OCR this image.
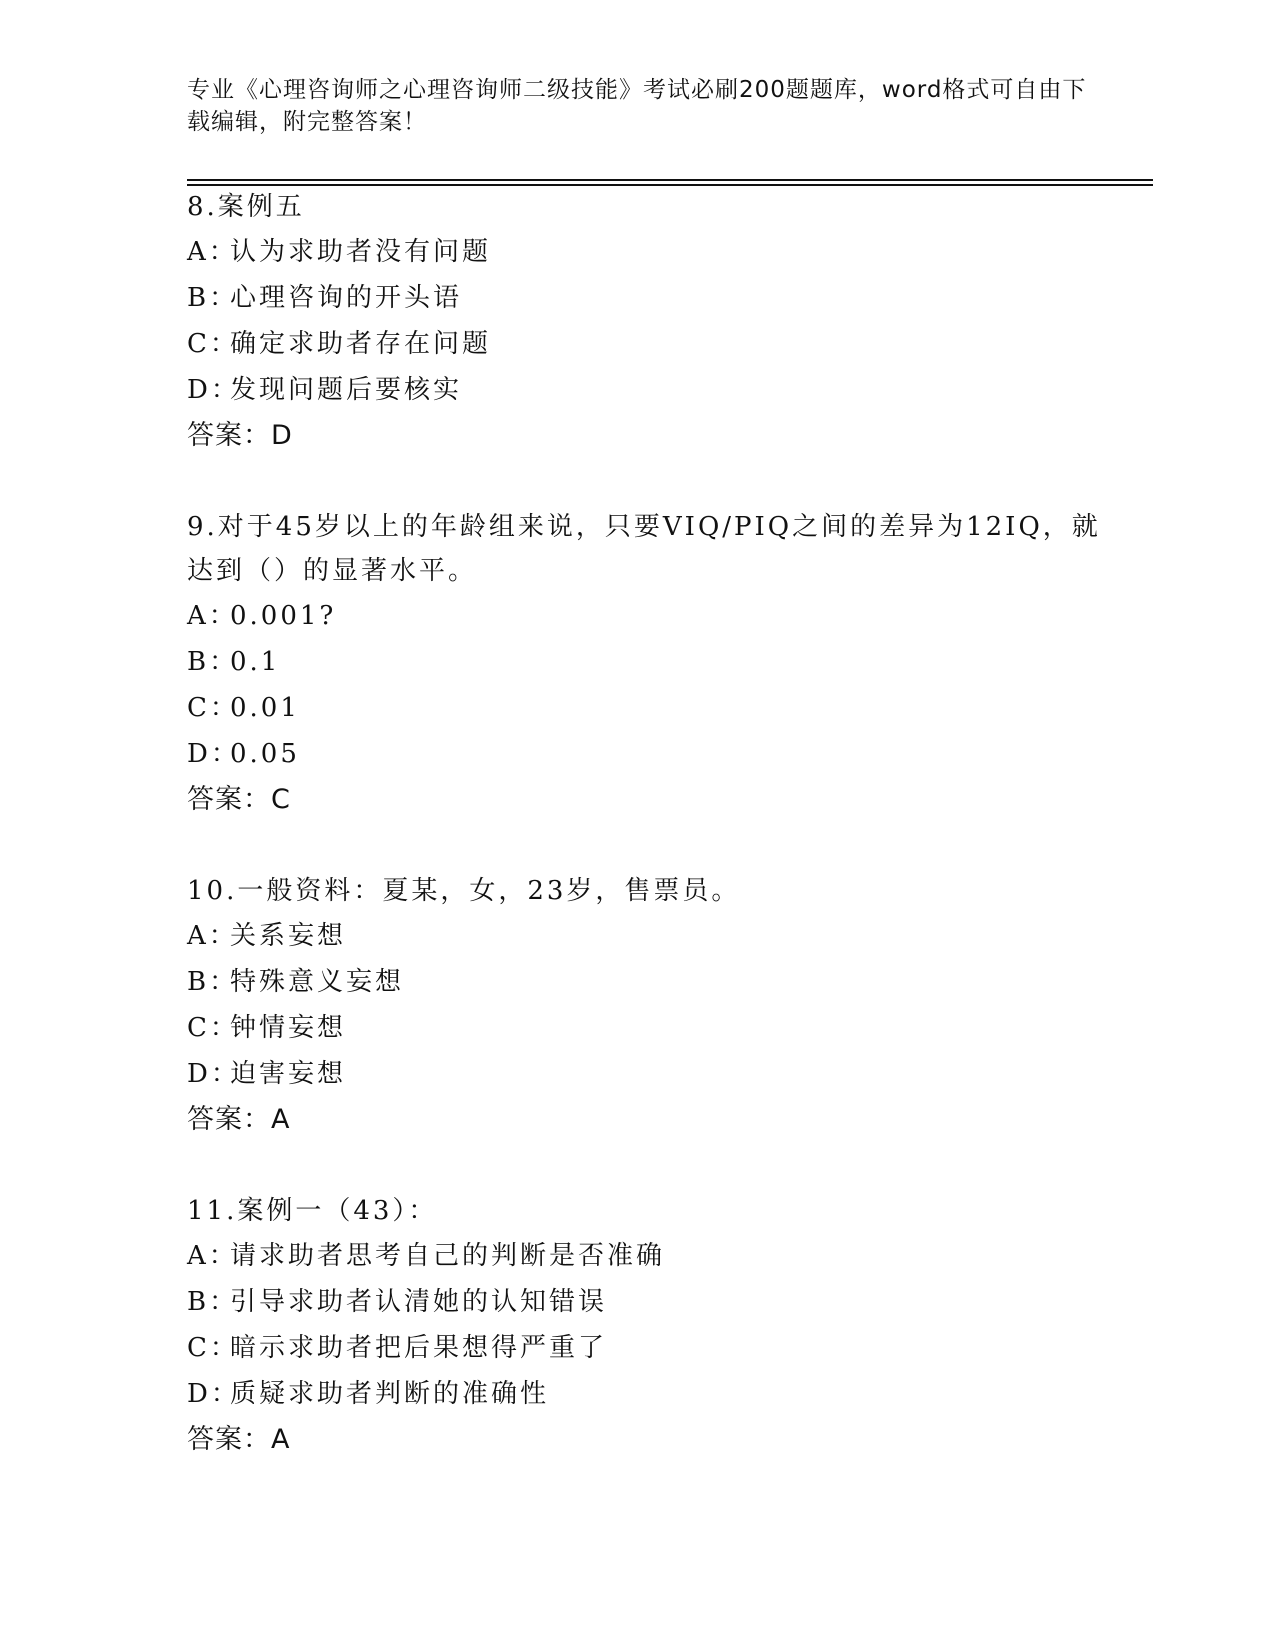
专业《心理咨询师之心理咨询师二级技能》考试必刷200题题库，word格式可自由下载编辑，附完整答案！
8.案例五
A：认为求助者没有问题
B：心理咨询的开头语
C：确定求助者存在问题
D：发现问题后要核实
答案：D
9.对于45岁以上的年龄组来说，只要VIQ/PIQ之间的差异为12IQ，就达到（）的显著水平。
A：0.001?
B：0.1
C：0.01
D：0.05
答案：C
10.一般资料：夏某，女，23岁，售票员。
A：关系妄想
B：特殊意义妄想
C：钟情妄想
D：迫害妄想
答案：A
11.案例一（43）：
A：请求助者思考自己的判断是否准确
B：引导求助者认清她的认知错误
C：暗示求助者把后果想得严重了
D：质疑求助者判断的准确性
答案：A
